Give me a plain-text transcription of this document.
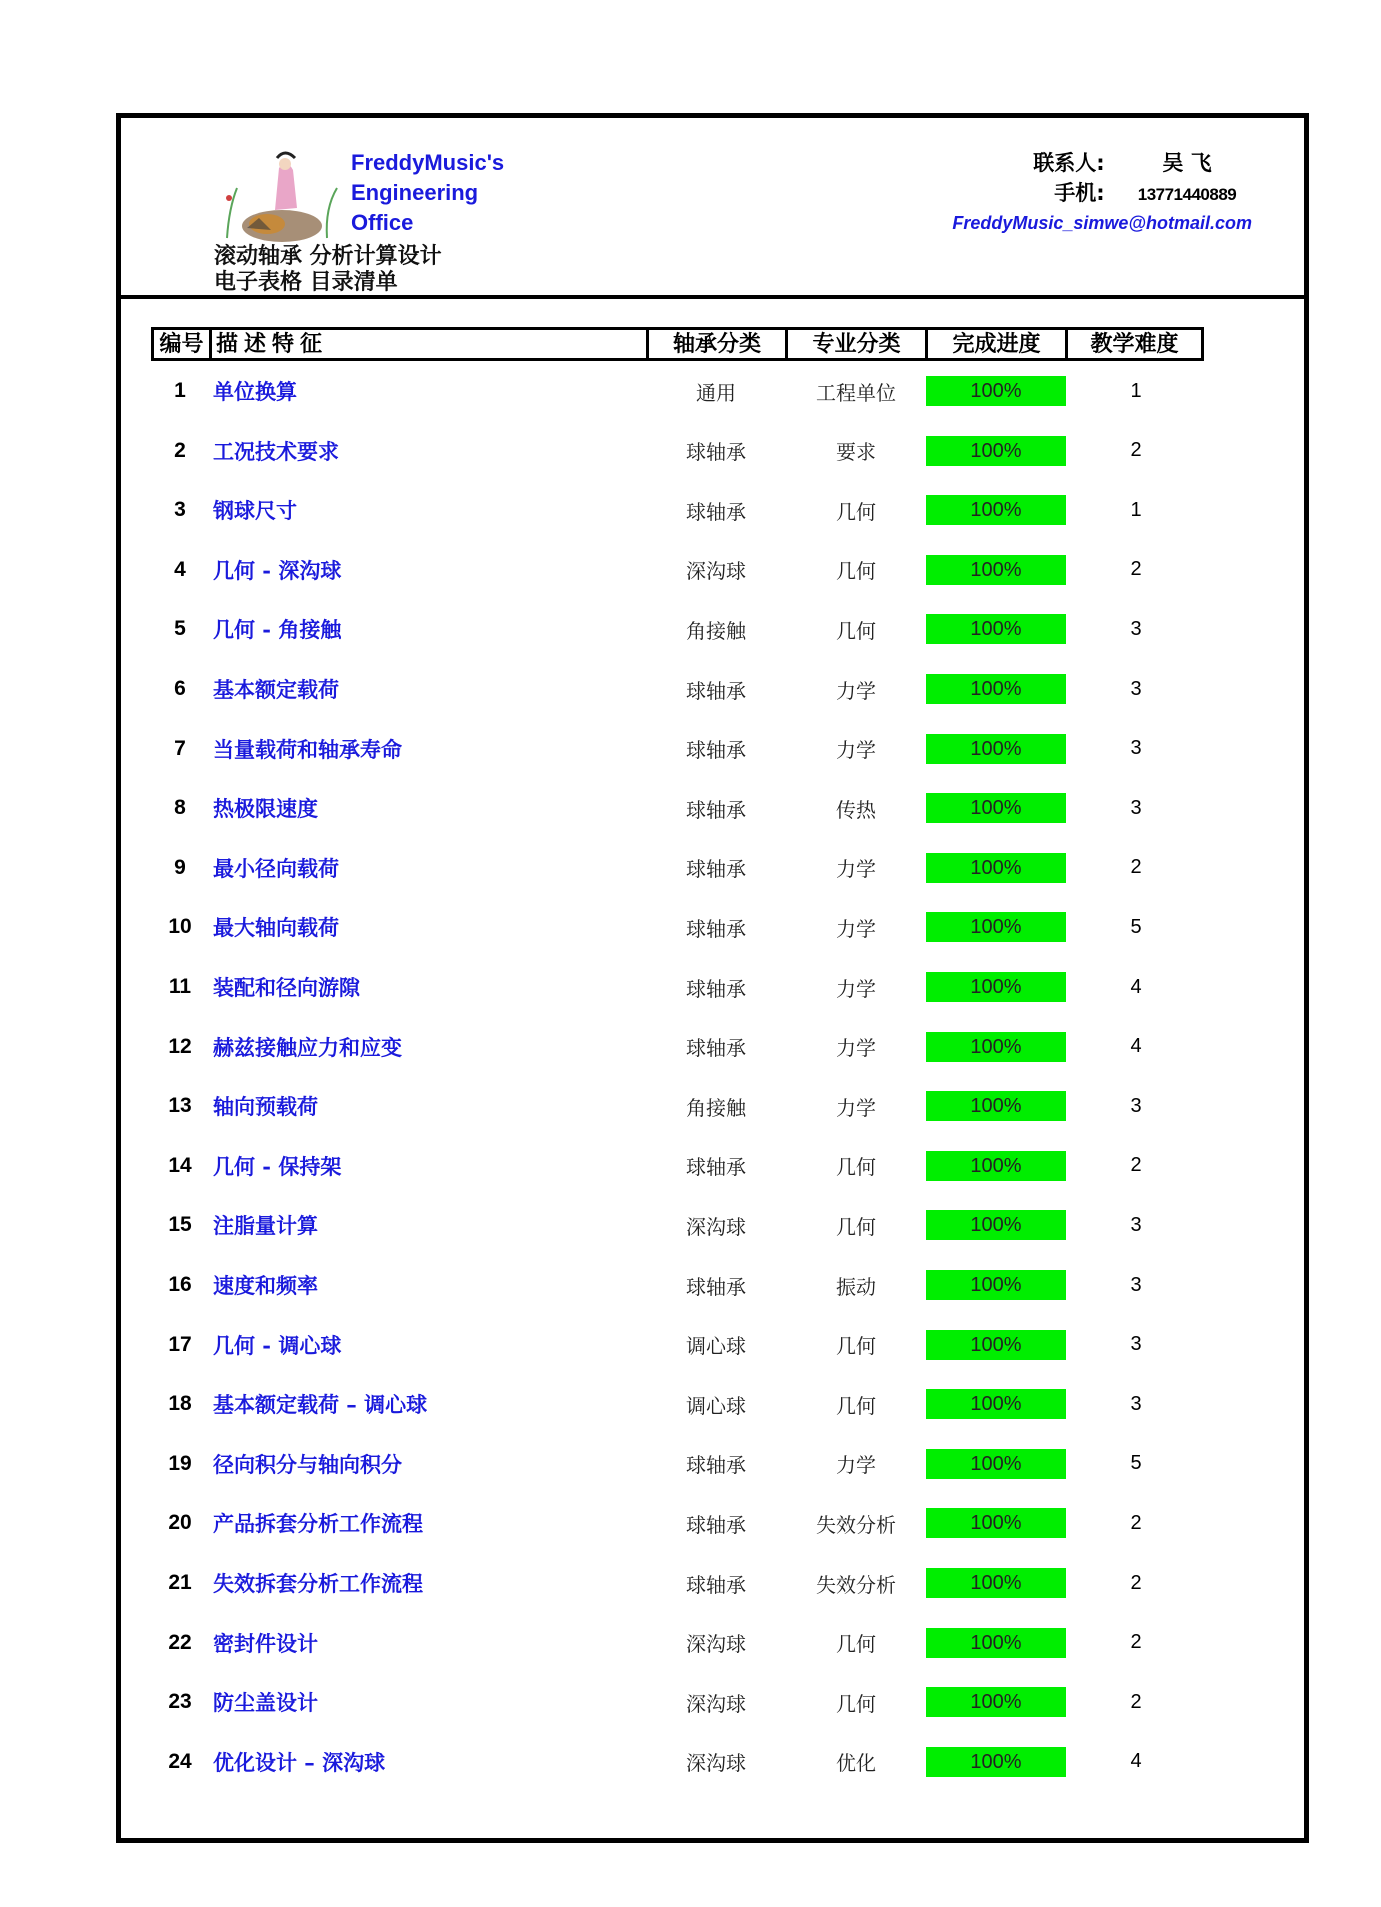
FreddyMusic's
Engineering
Office
滚动轴承 分析计算设计
电子表格 目录清单
联系人:	吴 飞
手机: 13771440889
FreddyMusic_simwe@hotmail.com
编号 描述特征	轴承分类	专业分类	完成进度	教学难度
1	单位换算	通用	工程单位	100%	1
2	工况技术要求	球轴承	要求	100%	2
3	钢球尺寸	球轴承	几何	100%	1
4	几何 - 深沟球	深沟球	几何	100%	2
5	几何 - 角接触	角接触	几何	100%	3
6	基本额定载荷	球轴承	力学	100%	3
7	当量载荷和轴承寿命	球轴承	力学	100%	3
8	热极限速度	球轴承	传热	100%	3
9	最小径向载荷	球轴承	力学	100%	2
10	最大轴向载荷	球轴承	力学	100%	5
11	装配和径向游隙	球轴承	力学	100%	4
12	赫兹接触应力和应变	球轴承	力学	100%	4
13	轴向预载荷	角接触	力学	100%	3
14	几何 - 保持架	球轴承	几何	100%	2
15	注脂量计算	深沟球	几何	100%	3
16	速度和频率	球轴承	振动	100%	3
17	几何 - 调心球	调心球	几何	100%	3
18	基本额定载荷 – 调心球	调心球	几何	100%	3
19	径向积分与轴向积分	球轴承	力学	100%	5
20	产品拆套分析工作流程	球轴承	失效分析	100%	2
21	失效拆套分析工作流程	球轴承	失效分析	100%	2
22	密封件设计	深沟球	几何	100%	2
23	防尘盖设计	深沟球	几何	100%	2
24	优化设计 – 深沟球	深沟球	优化	100%	4
